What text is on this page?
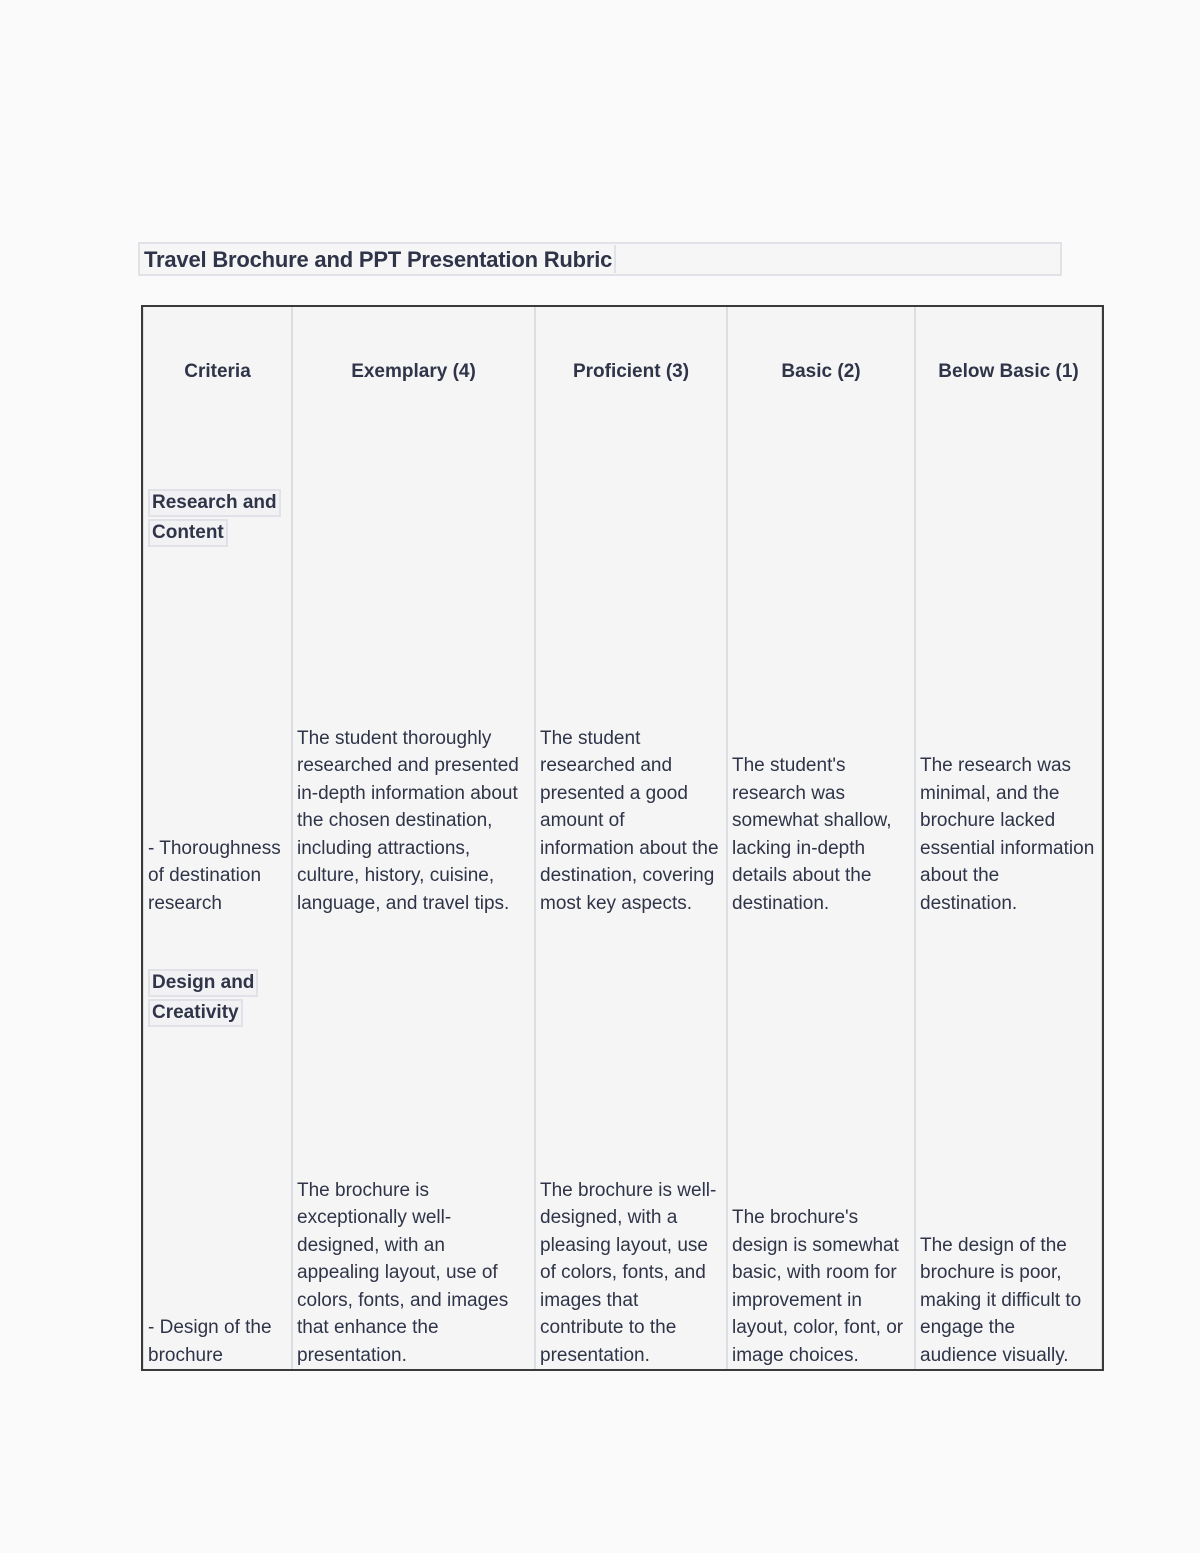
Travel Brochure and PPT Presentation Rubric
Criteria	Exemplary (4)	Proficient (3)	Basic (2)	Below Basic (1)
Research and
Content				
- Thoroughness of destination research	The student thoroughly researched and presented in-depth information about the chosen destination, including attractions, culture, history, cuisine, language, and travel tips.	The student researched and presented a good amount of information about the destination, covering most key aspects.	The student's research was somewhat shallow, lacking in-depth details about the destination.	The research was minimal, and the brochure lacked essential information about the destination.
Design and
Creativity				
- Design of the brochure	The brochure is exceptionally well-designed, with an appealing layout, use of colors, fonts, and images that enhance the presentation.	The brochure is well-designed, with a pleasing layout, use of colors, fonts, and images that contribute to the presentation.	The brochure's design is somewhat basic, with room for improvement in layout, color, font, or image choices.	The design of the brochure is poor, making it difficult to engage the audience visually.
